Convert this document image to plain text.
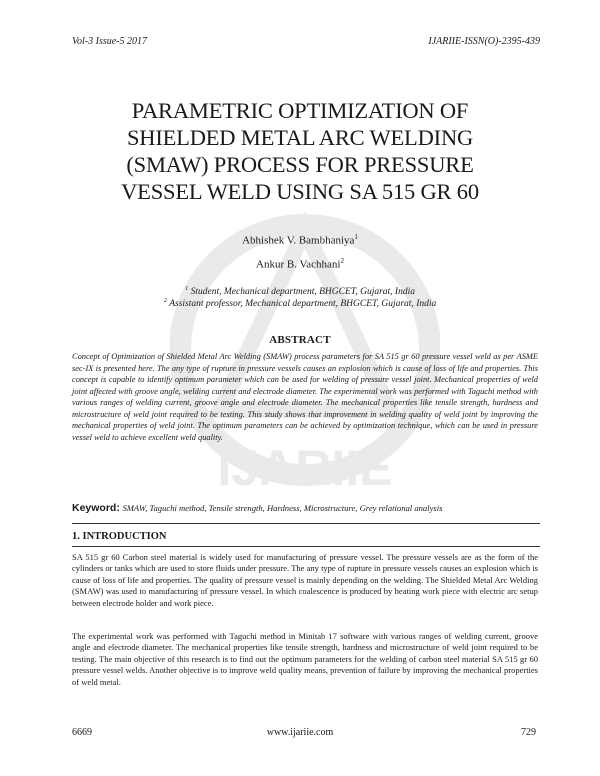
Vol-3 Issue-5 2017	IJARIIE-ISSN(O)-2395-439
IJARIIE
PARAMETRIC OPTIMIZATION OF
SHIELDED METAL ARC WELDING
(SMAW) PROCESS FOR PRESSURE
VESSEL WELD USING SA 515 GR 60
Abhishek V. Bambhaniya$^1$
Ankur B. Vachhani$^2$
$^1$ Student, Mechanical department, BHGCET, Gujarat, India
$^2$ Assistant professor, Mechanical department, BHGCET, Gujarat, India
ABSTRACT
Concept of Optimization of Shielded Metal Arc Welding (SMAW) process parameters for SA 515 gr 60 pressure vessel weld as per ASME sec-IX is presented here. The any type of rupture in pressure vessels causes an explosion which is cause of loss of life and properties. This concept is capable to identify optimum parameter which can be used for welding of pressure vessel joint. Mechanical properties of weld joint affected with groove angle, welding current and electrode diameter. The experimental work was performed with Taguchi method with various ranges of welding current, groove angle and electrode diameter. The mechanical properties like tensile strength, hardness and microstructure of weld joint required to be testing. This study shows that improvement in welding quality of weld joint by improving the mechanical properties of weld joint. The optimum parameters can be achieved by optimization technique, which can be used in pressure vessel weld to achieve excellent weld quality.
Keyword: SMAW, Taguchi method, Tensile strength, Hardness, Microstructure, Grey relational analysis
1. INTRODUCTION
SA 515 gr 60 Carbon steel material is widely used for manufacturing of pressure vessel. The pressure vessels are as the form of the cylinders or tanks which are used to store fluids under pressure. The any type of rupture in pressure vessels causes an explosion which is cause of loss of life and properties. The quality of pressure vessel is mainly depending on the welding. The Shielded Metal Arc Welding (SMAW) was used to manufacturing of pressure vessel. In which coalescence is produced by heating work piece with electric arc setup between electrode holder and work piece.
The experimental work was performed with Taguchi method in Minitab 17 software with various ranges of welding current, groove angle and electrode diameter. The mechanical properties like tensile strength, hardness and microstructure of weld joint required to be testing. The main objective of this research is to find out the optimum parameters for the welding of carbon steel material SA 515 gr 60 pressure vessel welds. Another objective is to improve weld quality means, prevention of failure by improving the mechanical properties of weld metal.
6669	www.ijariie.com	729
